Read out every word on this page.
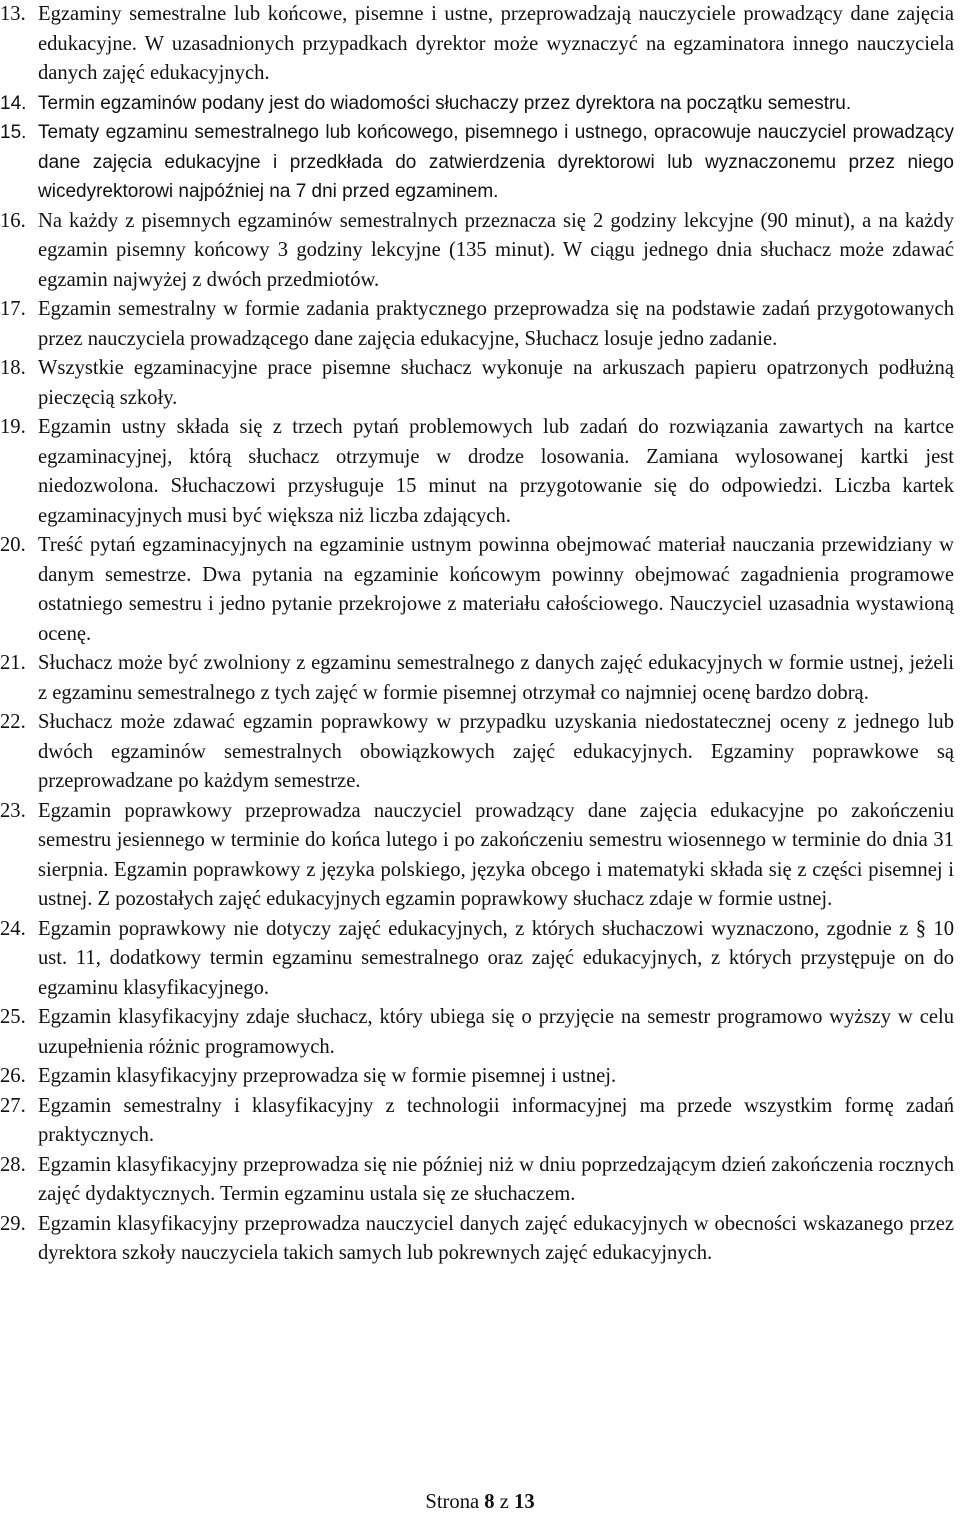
13. Egzaminy semestralne lub końcowe, pisemne i ustne, przeprowadzają nauczyciele prowadzący dane zajęcia edukacyjne. W uzasadnionych przypadkach dyrektor może wyznaczyć na egzaminatora innego nauczyciela danych zajęć edukacyjnych.
14. Termin egzaminów podany jest do wiadomości słuchaczy przez dyrektora na początku semestru.
15. Tematy egzaminu semestralnego lub końcowego, pisemnego i ustnego, opracowuje nauczyciel prowadzący dane zajęcia edukacyjne i przedkłada do zatwierdzenia dyrektorowi lub wyznaczonemu przez niego wicedyrektorowi najpóźniej na 7 dni przed egzaminem.
16. Na każdy z pisemnych egzaminów semestralnych przeznacza się 2 godziny lekcyjne (90 minut), a na każdy egzamin pisemny końcowy 3 godziny lekcyjne (135 minut). W ciągu jednego dnia słuchacz może zdawać egzamin najwyżej z dwóch przedmiotów.
17. Egzamin semestralny w formie zadania praktycznego przeprowadza się na podstawie zadań przygotowanych przez nauczyciela prowadzącego dane zajęcia edukacyjne, Słuchacz losuje jedno zadanie.
18. Wszystkie egzaminacyjne prace pisemne słuchacz wykonuje na arkuszach papieru opatrzonych podłużną pieczęcią szkoły.
19. Egzamin ustny składa się z trzech pytań problemowych lub zadań do rozwiązania zawartych na kartce egzaminacyjnej, którą słuchacz otrzymuje w drodze losowania. Zamiana wylosowanej kartki jest niedozwolona. Słuchaczowi przysługuje 15 minut na przygotowanie się do odpowiedzi. Liczba kartek egzaminacyjnych musi być większa niż liczba zdających.
20. Treść pytań egzaminacyjnych na egzaminie ustnym powinna obejmować materiał nauczania przewidziany w danym semestrze. Dwa pytania na egzaminie końcowym powinny obejmować zagadnienia programowe ostatniego semestru i jedno pytanie przekrojowe z materiału całościowego. Nauczyciel uzasadnia wystawioną ocenę.
21. Słuchacz może być zwolniony z egzaminu semestralnego z danych zajęć edukacyjnych w formie ustnej, jeżeli z egzaminu semestralnego z tych zajęć w formie pisemnej otrzymał co najmniej ocenę bardzo dobrą.
22. Słuchacz może zdawać egzamin poprawkowy w przypadku uzyskania niedostatecznej oceny z jednego lub dwóch egzaminów semestralnych obowiązkowych zajęć edukacyjnych. Egzaminy poprawkowe są przeprowadzane po każdym semestrze.
23. Egzamin poprawkowy przeprowadza nauczyciel prowadzący dane zajęcia edukacyjne po zakończeniu semestru jesiennego w terminie do końca lutego i po zakończeniu semestru wiosennego w terminie do dnia 31 sierpnia. Egzamin poprawkowy z języka polskiego, języka obcego i matematyki składa się z części pisemnej i ustnej. Z pozostałych zajęć edukacyjnych egzamin poprawkowy słuchacz zdaje w formie ustnej.
24. Egzamin poprawkowy nie dotyczy zajęć edukacyjnych, z których słuchaczowi wyznaczono, zgodnie z § 10 ust. 11, dodatkowy termin egzaminu semestralnego oraz zajęć edukacyjnych, z których przystępuje on do egzaminu klasyfikacyjnego.
25. Egzamin klasyfikacyjny zdaje słuchacz, który ubiega się o przyjęcie na semestr programowo wyższy w celu uzupełnienia różnic programowych.
26. Egzamin klasyfikacyjny przeprowadza się w formie pisemnej i ustnej.
27. Egzamin semestralny i klasyfikacyjny z technologii informacyjnej ma przede wszystkim formę zadań praktycznych.
28. Egzamin klasyfikacyjny przeprowadza się nie później niż w dniu poprzedzającym dzień zakończenia rocznych zajęć dydaktycznych. Termin egzaminu ustala się ze słuchaczem.
29. Egzamin klasyfikacyjny przeprowadza nauczyciel danych zajęć edukacyjnych w obecności wskazanego przez dyrektora szkoły nauczyciela takich samych lub pokrewnych zajęć edukacyjnych.
Strona 8 z 13
